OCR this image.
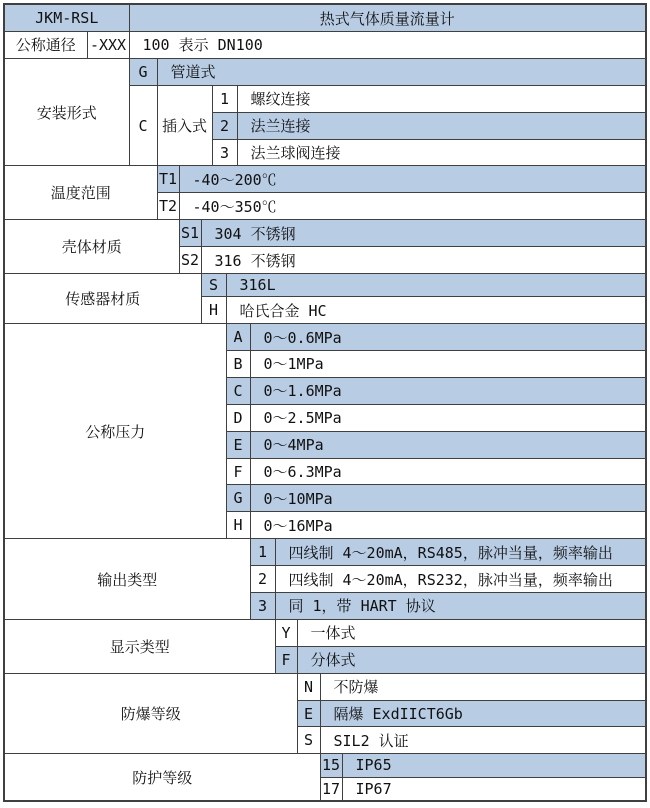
JKM-RSL		热式气体质量流量计											
公称通径	-XXX	100 表示 DN100											
安装形式		G	管道式										
		C	插入式			1		螺纹连接					
						2		法兰连接					
						3		法兰球阀连接					
温度范围			T1	-40～200℃									
			T2	-40～350℃									
壳体材质				S1	304 不锈钢								
				S2	316 不锈钢								
传感器材质					S		316L						
					H		哈氏合金 HC						
公称压力							A		0～0.6MPa				
							B		0～1MPa				
							C		0～1.6MPa				
							D		0～2.5MPa				
							E		0～4MPa				
							F		0～6.3MPa				
							G		0～10MPa				
							H		0～16MPa				
输出类型									1	四线制 4～20mA，RS485，脉冲当量，频率输出			
									2	四线制 4～20mA，RS232，脉冲当量，频率输出			
									3	同 1，带 HART 协议			
显示类型										Y	一体式		
										F	分体式		
防爆等级											N	不防爆	
											E	隔爆 ExdIICT6Gb	
											S	SIL2 认证	
防护等级												15	IP65
												17	IP67
